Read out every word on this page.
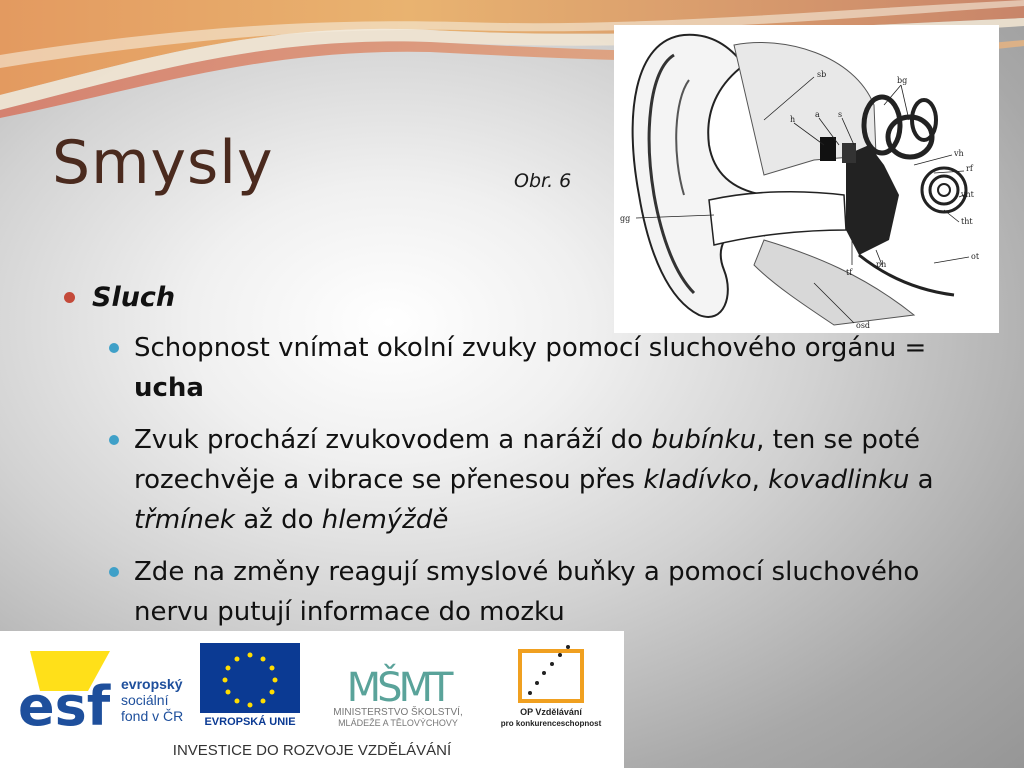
Smysly	Obr. 6
sb
bg
h
a s
vh
rf
vht
tht
ot
gg
tf
ph
osd
Sluch
Schopnost vnímat okolní zvuky pomocí sluchového orgánu = ucha
Zvuk prochází zvukovodem a naráží do bubínku, ten se poté rozechvěje a vibrace se přenesou přes kladívko, kovadlinku a třmínek až do hlemýždě
Zde na změny reagují smyslové buňky a pomocí sluchového nervu putují informace do mozku
esf evropský
sociální
fond v ČR EVROPSKÁ UNIE
MŠMT
MINISTERSTVO ŠKOLSTVÍ,
MLÁDEŽE A TĚLOVÝCHOVY
OP Vzdělávání
pro konkurenceschopnost
INVESTICE DO ROZVOJE VZDĚLÁVÁNÍ
